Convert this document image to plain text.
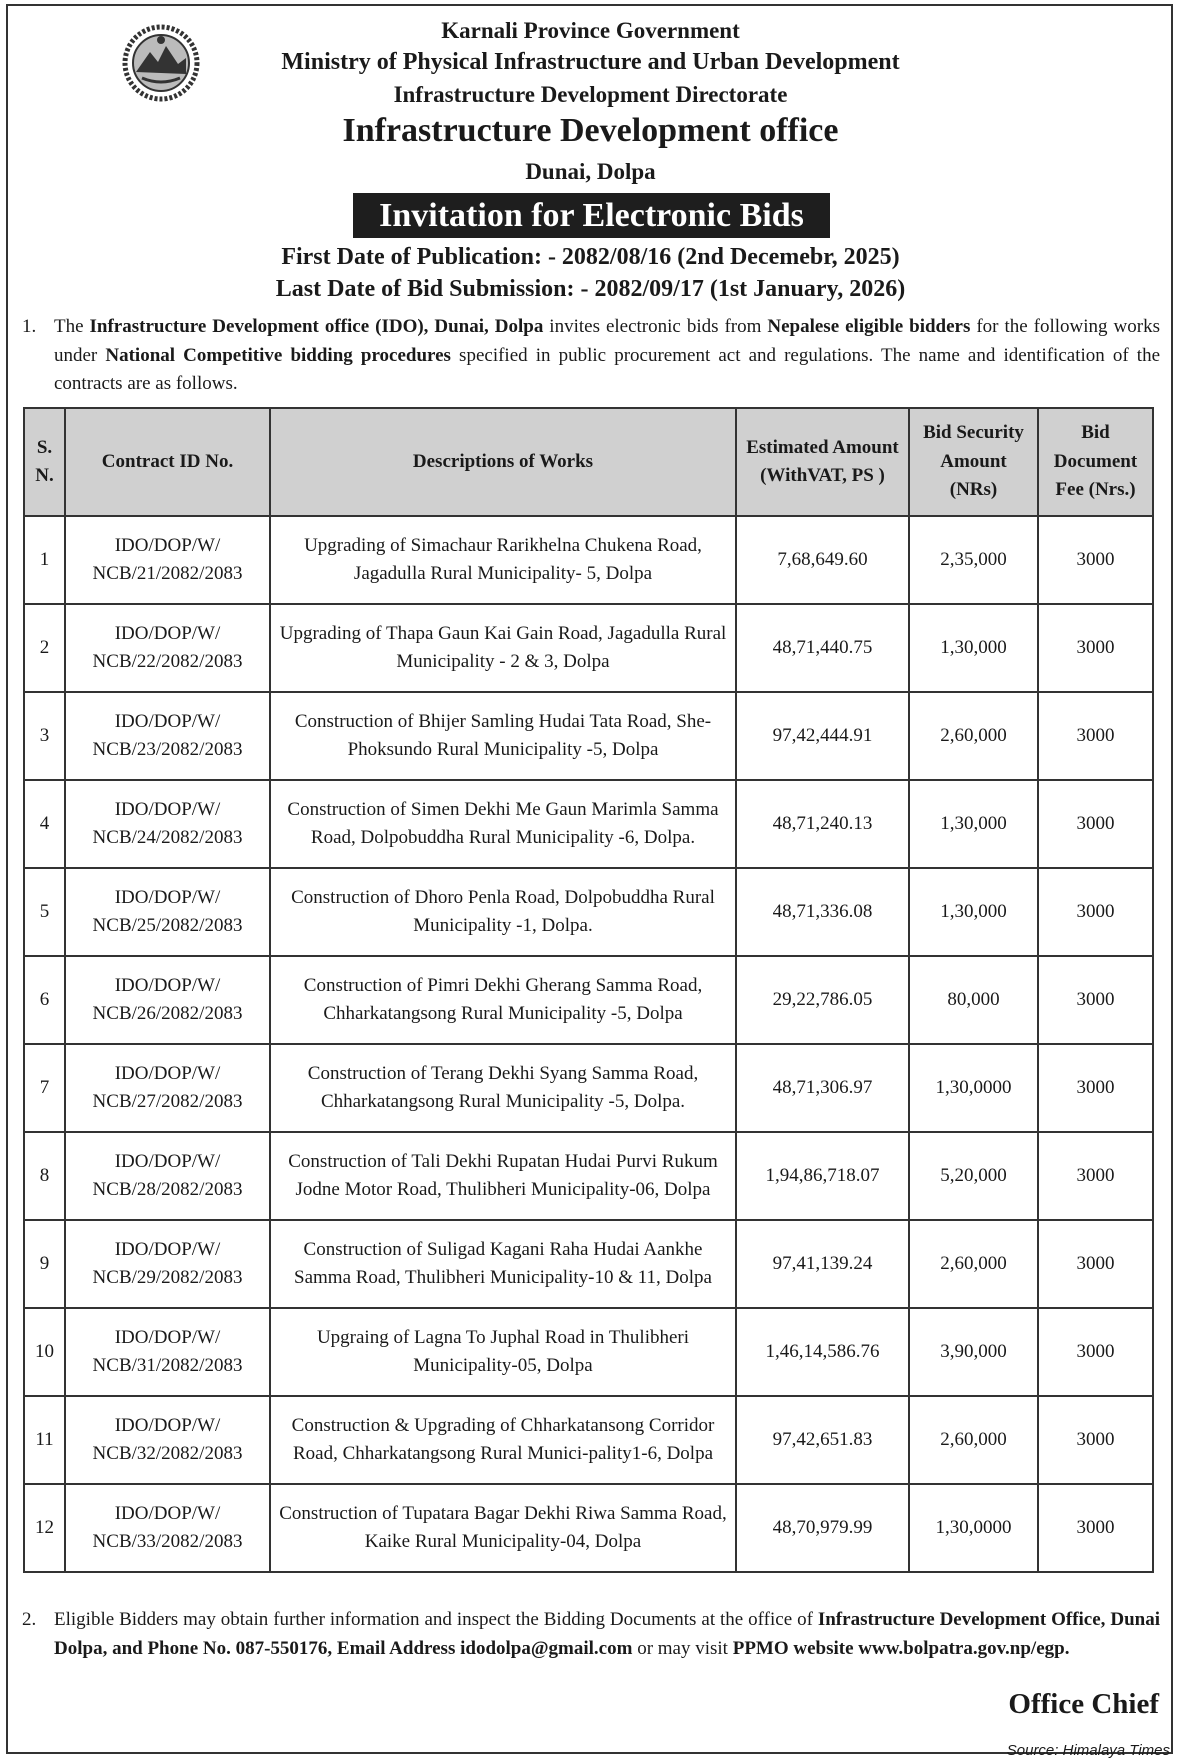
Karnali Province Government
Ministry of Physical Infrastructure and Urban Development
Infrastructure Development Directorate
Infrastructure Development office
Dunai, Dolpa
Invitation for Electronic Bids
First Date of Publication: - 2082/08/16 (2nd Decemebr, 2025)
Last Date of Bid Submission: - 2082/09/17 (1st January, 2026)
1. The Infrastructure Development office (IDO), Dunai, Dolpa invites electronic bids from Nepalese eligible bidders for the following works under National Competitive bidding procedures specified in public procurement act and regulations. The name and identification of the contracts are as follows.
S. N.	Contract ID No.	Descriptions of Works	Estimated Amount (WithVAT, PS )	Bid Security Amount (NRs)	Bid Document Fee (Nrs.)
1	IDO/DOP/W/ NCB/21/2082/2083	Upgrading of Simachaur Rarikhelna Chukena Road, Jagadulla Rural Municipality- 5, Dolpa	7,68,649.60	2,35,000	3000
2	IDO/DOP/W/ NCB/22/2082/2083	Upgrading of Thapa Gaun Kai Gain Road, Jagadulla Rural Municipality - 2 & 3, Dolpa	48,71,440.75	1,30,000	3000
3	IDO/DOP/W/ NCB/23/2082/2083	Construction of Bhijer Samling Hudai Tata Road, She-Phoksundo Rural Municipality -5, Dolpa	97,42,444.91	2,60,000	3000
4	IDO/DOP/W/ NCB/24/2082/2083	Construction of Simen Dekhi Me Gaun Marimla Samma Road, Dolpobuddha Rural Municipality -6, Dolpa.	48,71,240.13	1,30,000	3000
5	IDO/DOP/W/ NCB/25/2082/2083	Construction of Dhoro Penla Road, Dolpobuddha Rural Municipality -1, Dolpa.	48,71,336.08	1,30,000	3000
6	IDO/DOP/W/ NCB/26/2082/2083	Construction of Pimri Dekhi Gherang Samma Road, Chharkatangsong Rural Municipality -5, Dolpa	29,22,786.05	80,000	3000
7	IDO/DOP/W/ NCB/27/2082/2083	Construction of Terang Dekhi Syang Samma Road, Chharkatangsong Rural Municipality -5, Dolpa.	48,71,306.97	1,30,0000	3000
8	IDO/DOP/W/ NCB/28/2082/2083	Construction of Tali Dekhi Rupatan Hudai Purvi Rukum Jodne Motor Road, Thulibheri Municipality-06, Dolpa	1,94,86,718.07	5,20,000	3000
9	IDO/DOP/W/ NCB/29/2082/2083	Construction of Suligad Kagani Raha Hudai Aankhe Samma Road, Thulibheri Municipality-10 & 11, Dolpa	97,41,139.24	2,60,000	3000
10	IDO/DOP/W/ NCB/31/2082/2083	Upgraing of Lagna To Juphal Road in Thulibheri Municipality-05, Dolpa	1,46,14,586.76	3,90,000	3000
11	IDO/DOP/W/ NCB/32/2082/2083	Construction & Upgrading of Chharkatansong Corridor Road, Chharkatangsong Rural Munici-pality1-6, Dolpa	97,42,651.83	2,60,000	3000
12	IDO/DOP/W/ NCB/33/2082/2083	Construction of Tupatara Bagar Dekhi Riwa Samma Road, Kaike Rural Municipality-04, Dolpa	48,70,979.99	1,30,0000	3000
2. Eligible Bidders may obtain further information and inspect the Bidding Documents at the office of Infrastructure Development Office, Dunai Dolpa, and Phone No. 087-550176, Email Address idodolpa@gmail.com or may visit PPMO website www.bolpatra.gov.np/egp.
Office Chief
Source: Himalaya Times
